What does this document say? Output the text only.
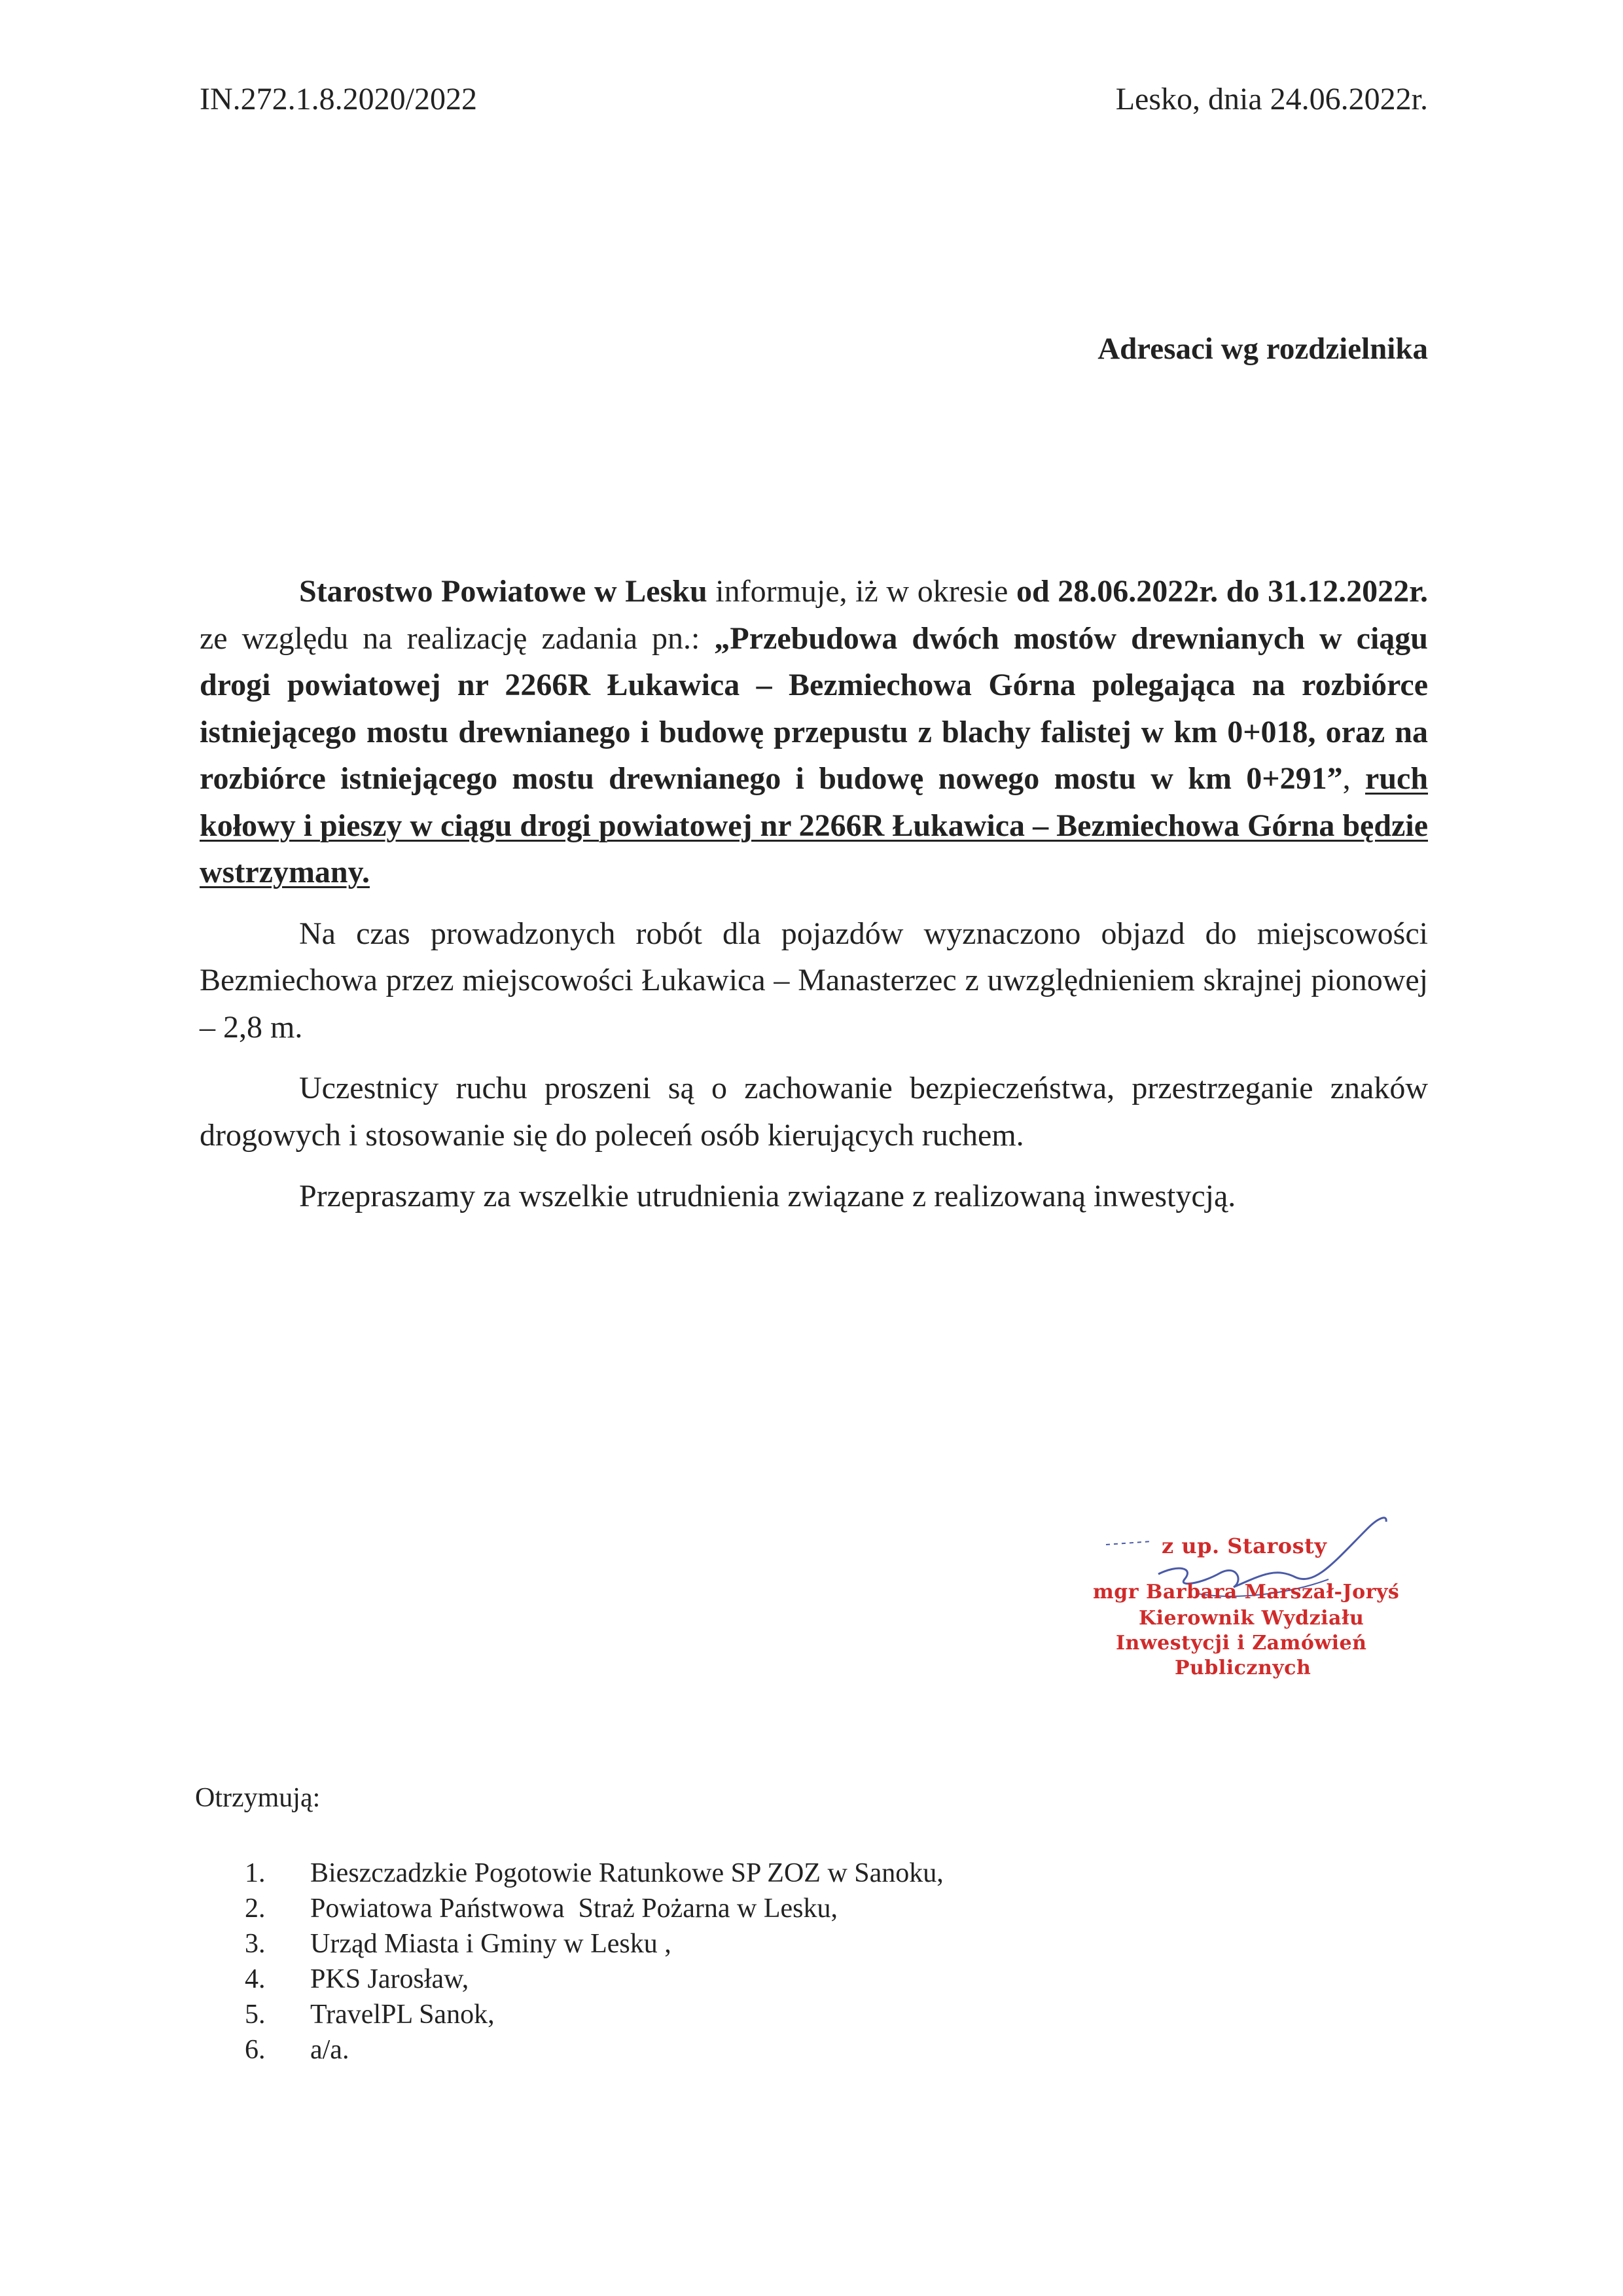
IN.272.1.8.2020/2022	Lesko, dnia 24.06.2022r.
Adresaci wg rozdzielnika

Starostwo Powiatowe w Lesku informuje, iż w okresie od 28.06.2022r. do 31.12.2022r. ze względu na realizację zadania pn.: „Przebudowa dwóch mostów drewnianych w ciągu drogi powiatowej nr 2266R Łukawica – Bezmiechowa Górna polegająca na rozbiórce istniejącego mostu drewnianego i budowę przepustu z blachy falistej w km 0+018, oraz na rozbiórce istniejącego mostu drewnianego i budowę nowego mostu w km 0+291”, ruch kołowy i pieszy w ciągu drogi powiatowej nr 2266R Łukawica – Bezmiechowa Górna będzie wstrzymany.

Na czas prowadzonych robót dla pojazdów wyznaczono objazd do miejscowości Bezmiechowa przez miejscowości Łukawica – Manasterzec z uwzględnieniem skrajnej pionowej – 2,8 m.

Uczestnicy ruchu proszeni są o zachowanie bezpieczeństwa, przestrzeganie znaków drogowych i stosowanie się do poleceń osób kierujących ruchem.

Przepraszamy za wszelkie utrudnienia związane z realizowaną inwestycją.

z up. Starosty
mgr Barbara Marszał-Joryś
Kierownik Wydziału
Inwestycji i Zamówień
Publicznych
Otrzymują:
1.	Bieszczadzkie Pogotowie Ratunkowe SP ZOZ w Sanoku,
2.	Powiatowa Państwowa  Straż Pożarna w Lesku,
3.	Urząd Miasta i Gminy w Lesku ,
4.	PKS Jarosław,
5.	TravelPL Sanok,
6.	a/a.
